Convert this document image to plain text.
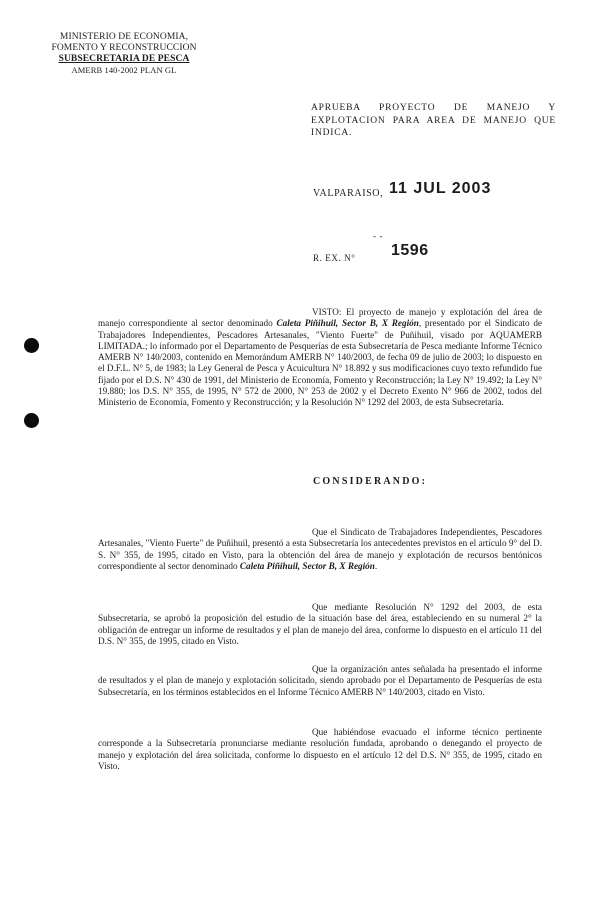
MINISTERIO DE ECONOMIA,
FOMENTO Y RECONSTRUCCION
SUBSECRETARIA DE PESCA
AMERB 140-2002 PLAN GL
APRUEBA PROYECTO DE MANEJO Y EXPLOTACION PARA AREA DE MANEJO QUE INDICA.
VALPARAISO, 11 JUL 2003
R. EX. N°
- -
1596
VISTO: El proyecto de manejo y explotación del área de manejo correspondiente al sector denominado Caleta Piñihuil, Sector B, X Región, presentado por el Sindicato de Trabajadores Independientes, Pescadores Artesanales, "Viento Fuerte" de Puñihuil, visado por AQUAMERB LIMITADA.; lo informado por el Departamento de Pesquerías de esta Subsecretaría de Pesca mediante Informe Técnico AMERB N° 140/2003, contenido en Memorándum AMERB N° 140/2003, de fecha 09 de julio de 2003; lo dispuesto en el D.F.L. N° 5, de 1983; la Ley General de Pesca y Acuicultura N° 18.892 y sus modificaciones cuyo texto refundido fue fijado por el D.S. N° 430 de 1991, del Ministerio de Economía, Fomento y Reconstrucción; la Ley N° 19.492; la Ley N° 19.880; los D.S. N° 355, de 1995, N° 572 de 2000, N° 253 de 2002 y el Decreto Exento N° 966 de 2002, todos del Ministerio de Economía, Fomento y Reconstrucción; y la Resolución N° 1292 del 2003, de esta Subsecretaría.
CONSIDERANDO:
Que el Sindicato de Trabajadores Independientes, Pescadores Artesanales, "Viento Fuerte" de Puñihuil, presentó a esta Subsecretaría los antecedentes previstos en el artículo 9° del D. S. N° 355, de 1995, citado en Visto, para la obtención del área de manejo y explotación de recursos bentónicos correspondiente al sector denominado Caleta Piñihuil, Sector B, X Región.
Que mediante Resolución N° 1292 del 2003, de esta Subsecretaría, se aprobó la proposición del estudio de la situación base del área, estableciendo en su numeral 2° la obligación de entregar un informe de resultados y el plan de manejo del área, conforme lo dispuesto en el artículo 11 del D.S. N° 355, de 1995, citado en Visto.
Que la organización antes señalada ha presentado el informe de resultados y el plan de manejo y explotación solicitado, siendo aprobado por el Departamento de Pesquerías de esta Subsecretaría, en los términos establecidos en el Informe Técnico AMERB N° 140/2003, citado en Visto.
Que habiéndose evacuado el informe técnico pertinente corresponde a la Subsecretaría pronunciarse mediante resolución fundada, aprobando o denegando el proyecto de manejo y explotación del área solicitada, conforme lo dispuesto en el artículo 12 del D.S. N° 355, de 1995, citado en Visto.
